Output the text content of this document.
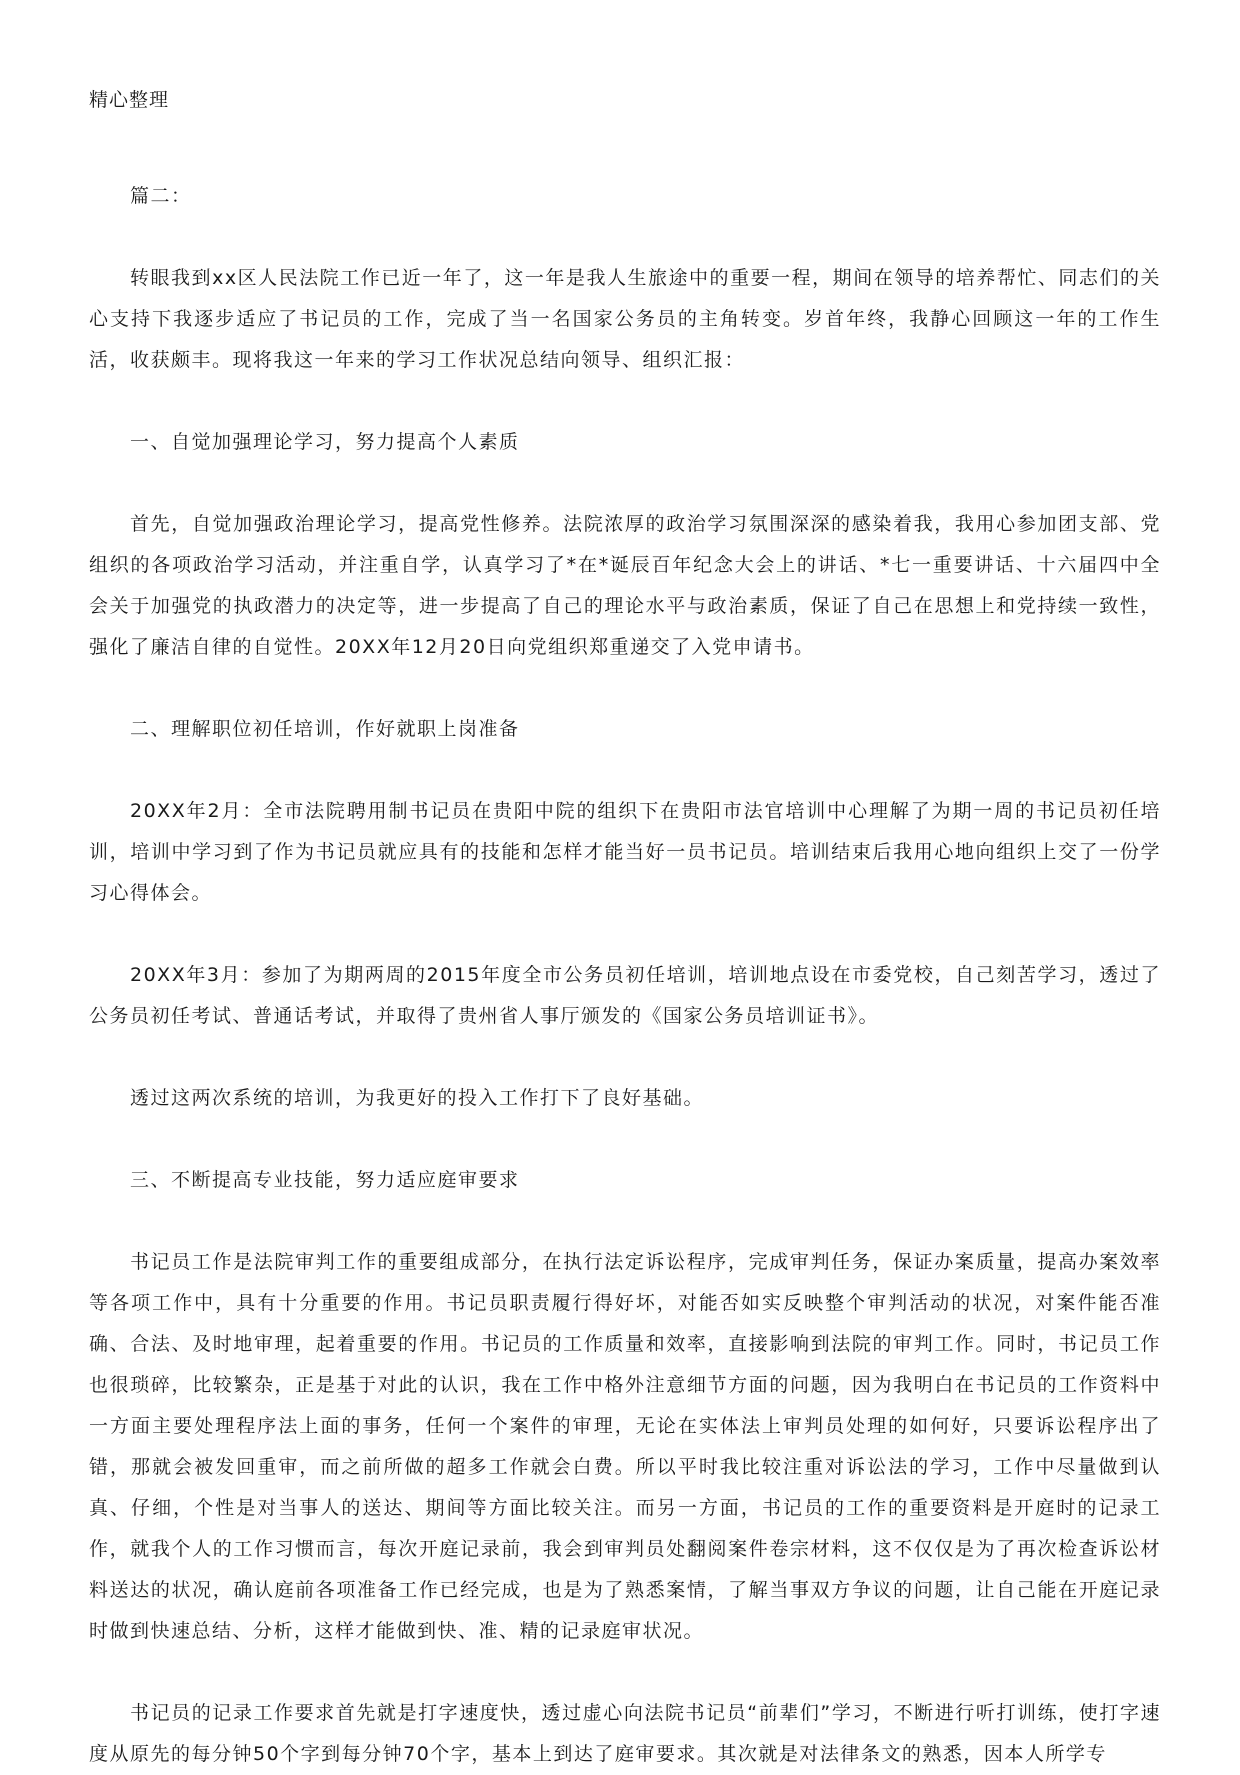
精心整理

篇二：

转眼我到xx区人民法院工作已近一年了，这一年是我人生旅途中的重要一程，期间在领导的培养帮忙、同志们的关心支持下我逐步适应了书记员的工作，完成了当一名国家公务员的主角转变。岁首年终，我静心回顾这一年的工作生活，收获颇丰。现将我这一年来的学习工作状况总结向领导、组织汇报：

一、自觉加强理论学习，努力提高个人素质

首先，自觉加强政治理论学习，提高党性修养。法院浓厚的政治学习氛围深深的感染着我，我用心参加团支部、党组织的各项政治学习活动，并注重自学，认真学习了*在*诞辰百年纪念大会上的讲话、*七一重要讲话、十六届四中全会关于加强党的执政潜力的决定等，进一步提高了自己的理论水平与政治素质，保证了自己在思想上和党持续一致性，强化了廉洁自律的自觉性。20XX年12月20日向党组织郑重递交了入党申请书。

二、理解职位初任培训，作好就职上岗准备

20XX年2月：全市法院聘用制书记员在贵阳中院的组织下在贵阳市法官培训中心理解了为期一周的书记员初任培训，培训中学习到了作为书记员就应具有的技能和怎样才能当好一员书记员。培训结束后我用心地向组织上交了一份学习心得体会。

20XX年3月：参加了为期两周的2015年度全市公务员初任培训，培训地点设在市委党校，自己刻苦学习，透过了公务员初任考试、普通话考试，并取得了贵州省人事厅颁发的《国家公务员培训证书》。

透过这两次系统的培训，为我更好的投入工作打下了良好基础。

三、不断提高专业技能，努力适应庭审要求

书记员工作是法院审判工作的重要组成部分，在执行法定诉讼程序，完成审判任务，保证办案质量，提高办案效率等各项工作中，具有十分重要的作用。书记员职责履行得好坏，对能否如实反映整个审判活动的状况，对案件能否准确、合法、及时地审理，起着重要的作用。书记员的工作质量和效率，直接影响到法院的审判工作。同时，书记员工作也很琐碎，比较繁杂，正是基于对此的认识，我在工作中格外注意细节方面的问题，因为我明白在书记员的工作资料中一方面主要处理程序法上面的事务，任何一个案件的审理，无论在实体法上审判员处理的如何好，只要诉讼程序出了错，那就会被发回重审，而之前所做的超多工作就会白费。所以平时我比较注重对诉讼法的学习，工作中尽量做到认真、仔细，个性是对当事人的送达、期间等方面比较关注。而另一方面，书记员的工作的重要资料是开庭时的记录工作，就我个人的工作习惯而言，每次开庭记录前，我会到审判员处翻阅案件卷宗材料，这不仅仅是为了再次检查诉讼材料送达的状况，确认庭前各项准备工作已经完成，也是为了熟悉案情，了解当事双方争议的问题，让自己能在开庭记录时做到快速总结、分析，这样才能做到快、准、精的记录庭审状况。

书记员的记录工作要求首先就是打字速度快，透过虚心向法院书记员“前辈们”学习，不断进行听打训练，使打字速度从原先的每分钟50个字到每分钟70个字，基本上到达了庭审要求。其次就是对法律条文的熟悉，因本人所学专
